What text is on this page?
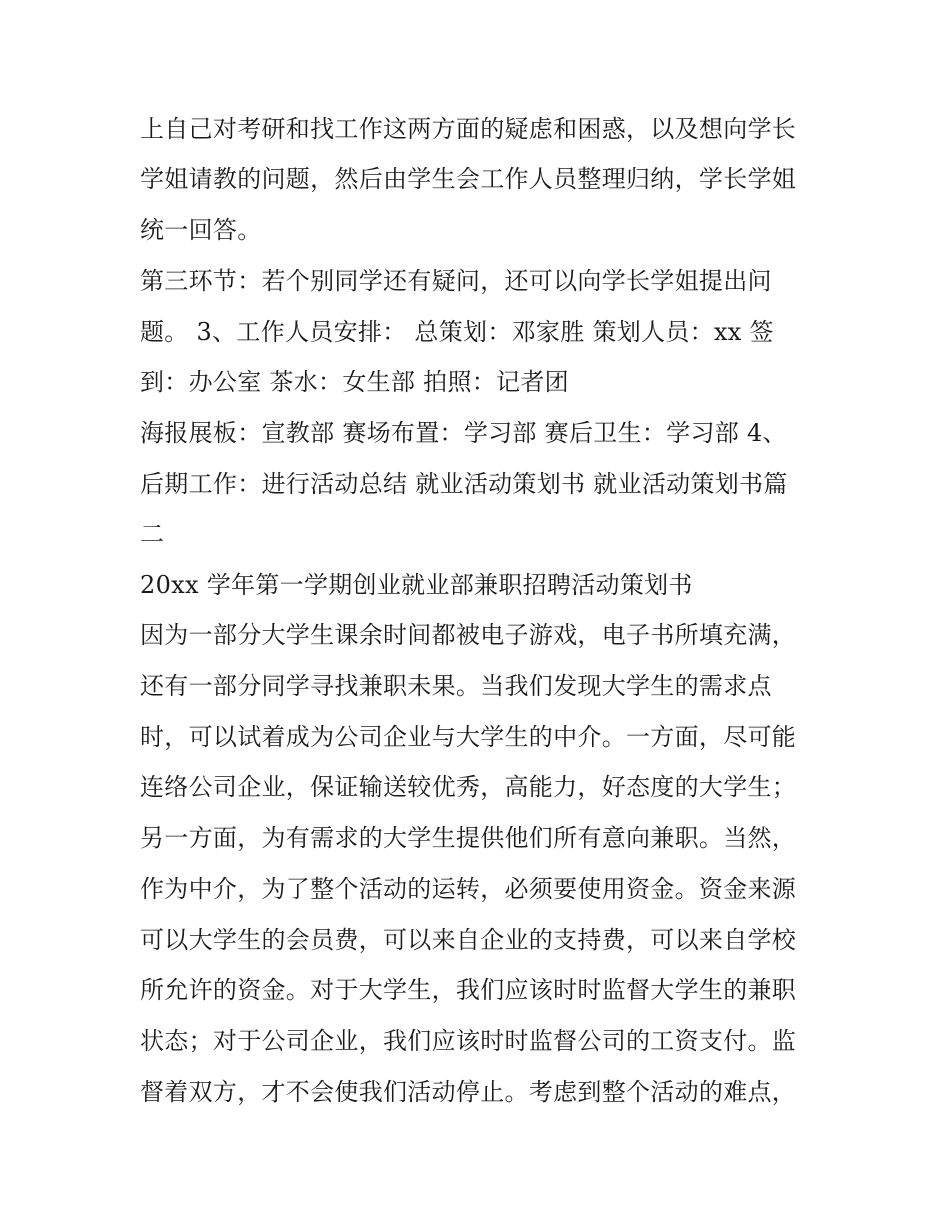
上自己对考研和找工作这两方面的疑虑和困惑，以及想向学长
学姐请教的问题，然后由学生会工作人员整理归纳，学长学姐
统一回答。
第三环节：若个别同学还有疑问，还可以向学长学姐提出问
题。 3、工作人员安排： 总策划：邓家胜 策划人员：xx 签
到：办公室 茶水：女生部 拍照：记者团
海报展板：宣教部 赛场布置：学习部 赛后卫生：学习部 4、
后期工作：进行活动总结 就业活动策划书 就业活动策划书篇
二
20xx 学年第一学期创业就业部兼职招聘活动策划书
因为一部分大学生课余时间都被电子游戏，电子书所填充满，
还有一部分同学寻找兼职未果。当我们发现大学生的需求点
时，可以试着成为公司企业与大学生的中介。一方面，尽可能
连络公司企业，保证输送较优秀，高能力，好态度的大学生；
另一方面，为有需求的大学生提供他们所有意向兼职。当然，
作为中介，为了整个活动的运转，必须要使用资金。资金来源
可以大学生的会员费，可以来自企业的支持费，可以来自学校
所允许的资金。对于大学生，我们应该时时监督大学生的兼职
状态；对于公司企业，我们应该时时监督公司的工资支付。监
督着双方，才不会使我们活动停止。考虑到整个活动的难点，
